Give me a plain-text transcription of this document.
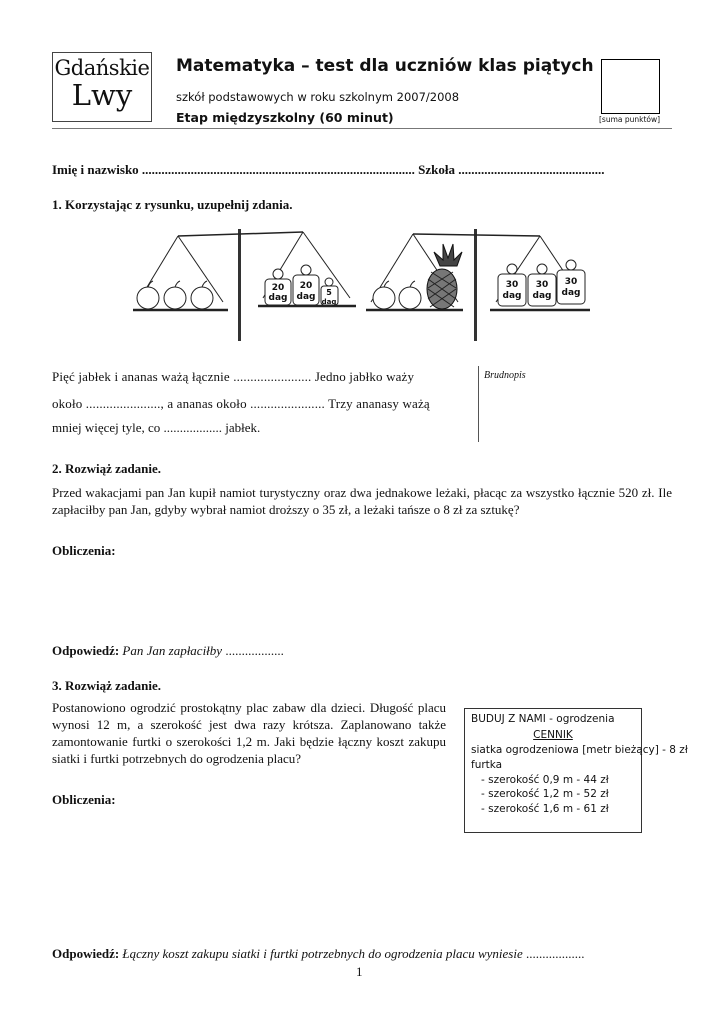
Gdańskie
Lwy
Matematyka – test dla uczniów klas piątych
szkół podstawowych w roku szkolnym 2007/2008
Etap międzyszkolny (60 minut)	[suma punktów]
Imię i nazwisko .................................................................................... Szkoła .............................................
1. Korzystając z rysunku, uzupełnij zdania.
20
dag
20
dag 5
dag
30
dag
30
dag
30
dag
Pięć jabłek i ananas ważą łącznie ....................... Jedno jabłko waży
około ......................, a ananas około ...................... Trzy ananasy ważą
mniej więcej tyle, co .................. jabłek.
Brudnopis
2. Rozwiąż zadanie.
Przed wakacjami pan Jan kupił namiot turystyczny oraz dwa jednakowe leżaki, płacąc za wszystko łącznie 520 zł. Ile zapłaciłby pan Jan, gdyby wybrał namiot droższy o 35 zł, a leżaki tańsze o 8 zł za sztukę?
Obliczenia:
Odpowiedź: Pan Jan zapłaciłby ..................
3. Rozwiąż zadanie.
Postanowiono ogrodzić prostokątny plac zabaw dla dzieci. Długość placu wynosi 12 m, a szerokość jest dwa razy krótsza. Zaplanowano także zamontowanie furtki o szerokości 1,2 m. Jaki będzie łączny koszt zakupu siatki i furtki potrzebnych do ogrodzenia placu?
Obliczenia:
BUDUJ Z NAMI - ogrodzenia
CENNIK
siatka ogrodzeniowa [metr bieżący] - 8 zł
furtka
- szerokość 0,9 m - 44 zł
- szerokość 1,2 m - 52 zł
- szerokość 1,6 m - 61 zł
Odpowiedź: Łączny koszt zakupu siatki i furtki potrzebnych do ogrodzenia placu wyniesie ..................
1
